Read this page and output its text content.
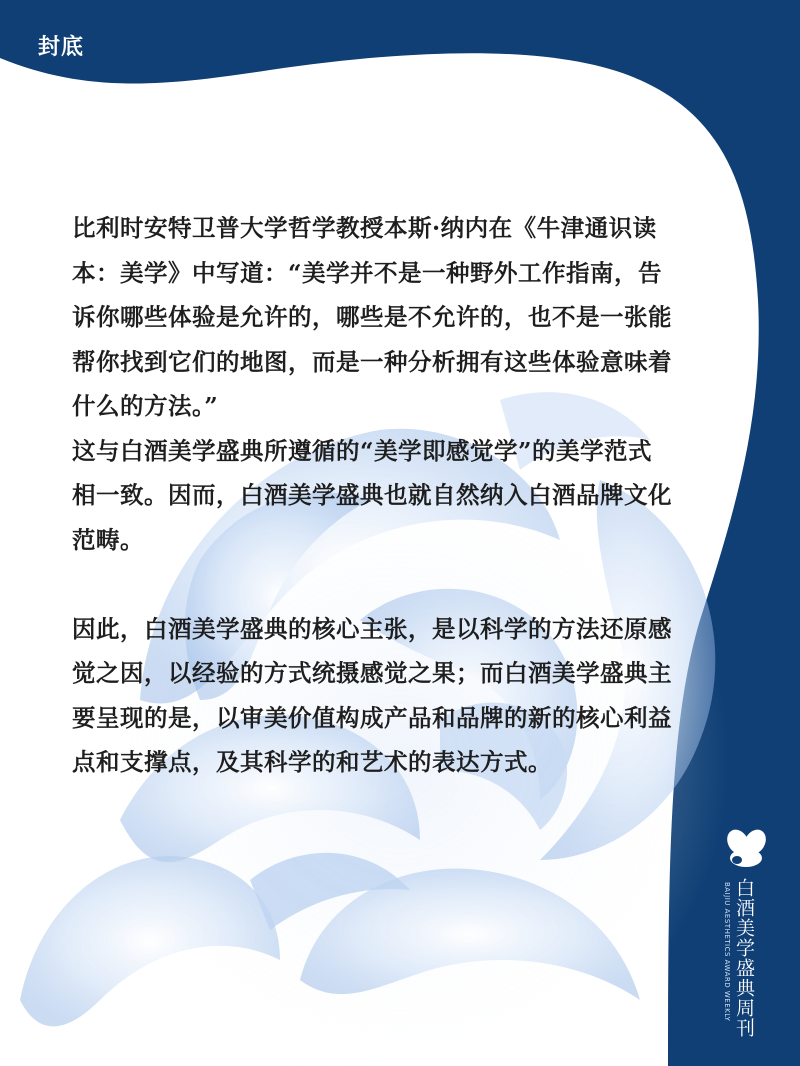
封底

比利时安特卫普大学哲学教授本斯·纳内在《牛津通识读本：美学》中写道：“美学并不是一种野外工作指南，告诉你哪些体验是允许的，哪些是不允许的，也不是一张能帮你找到它们的地图，而是一种分析拥有这些体验意味着什么的方法。”

这与白酒美学盛典所遵循的“美学即感觉学”的美学范式相一致。因而，白酒美学盛典也就自然纳入白酒品牌文化范畴。

因此，白酒美学盛典的核心主张，是以科学的方法还原感觉之因，以经验的方式统摄感觉之果；而白酒美学盛典主要呈现的是，以审美价值构成产品和品牌的新的核心利益点和支撑点，及其科学的和艺术的表达方式。

白酒美学盛典周刊
BAIJIU AESTHETICS AWARD WEEKLY
